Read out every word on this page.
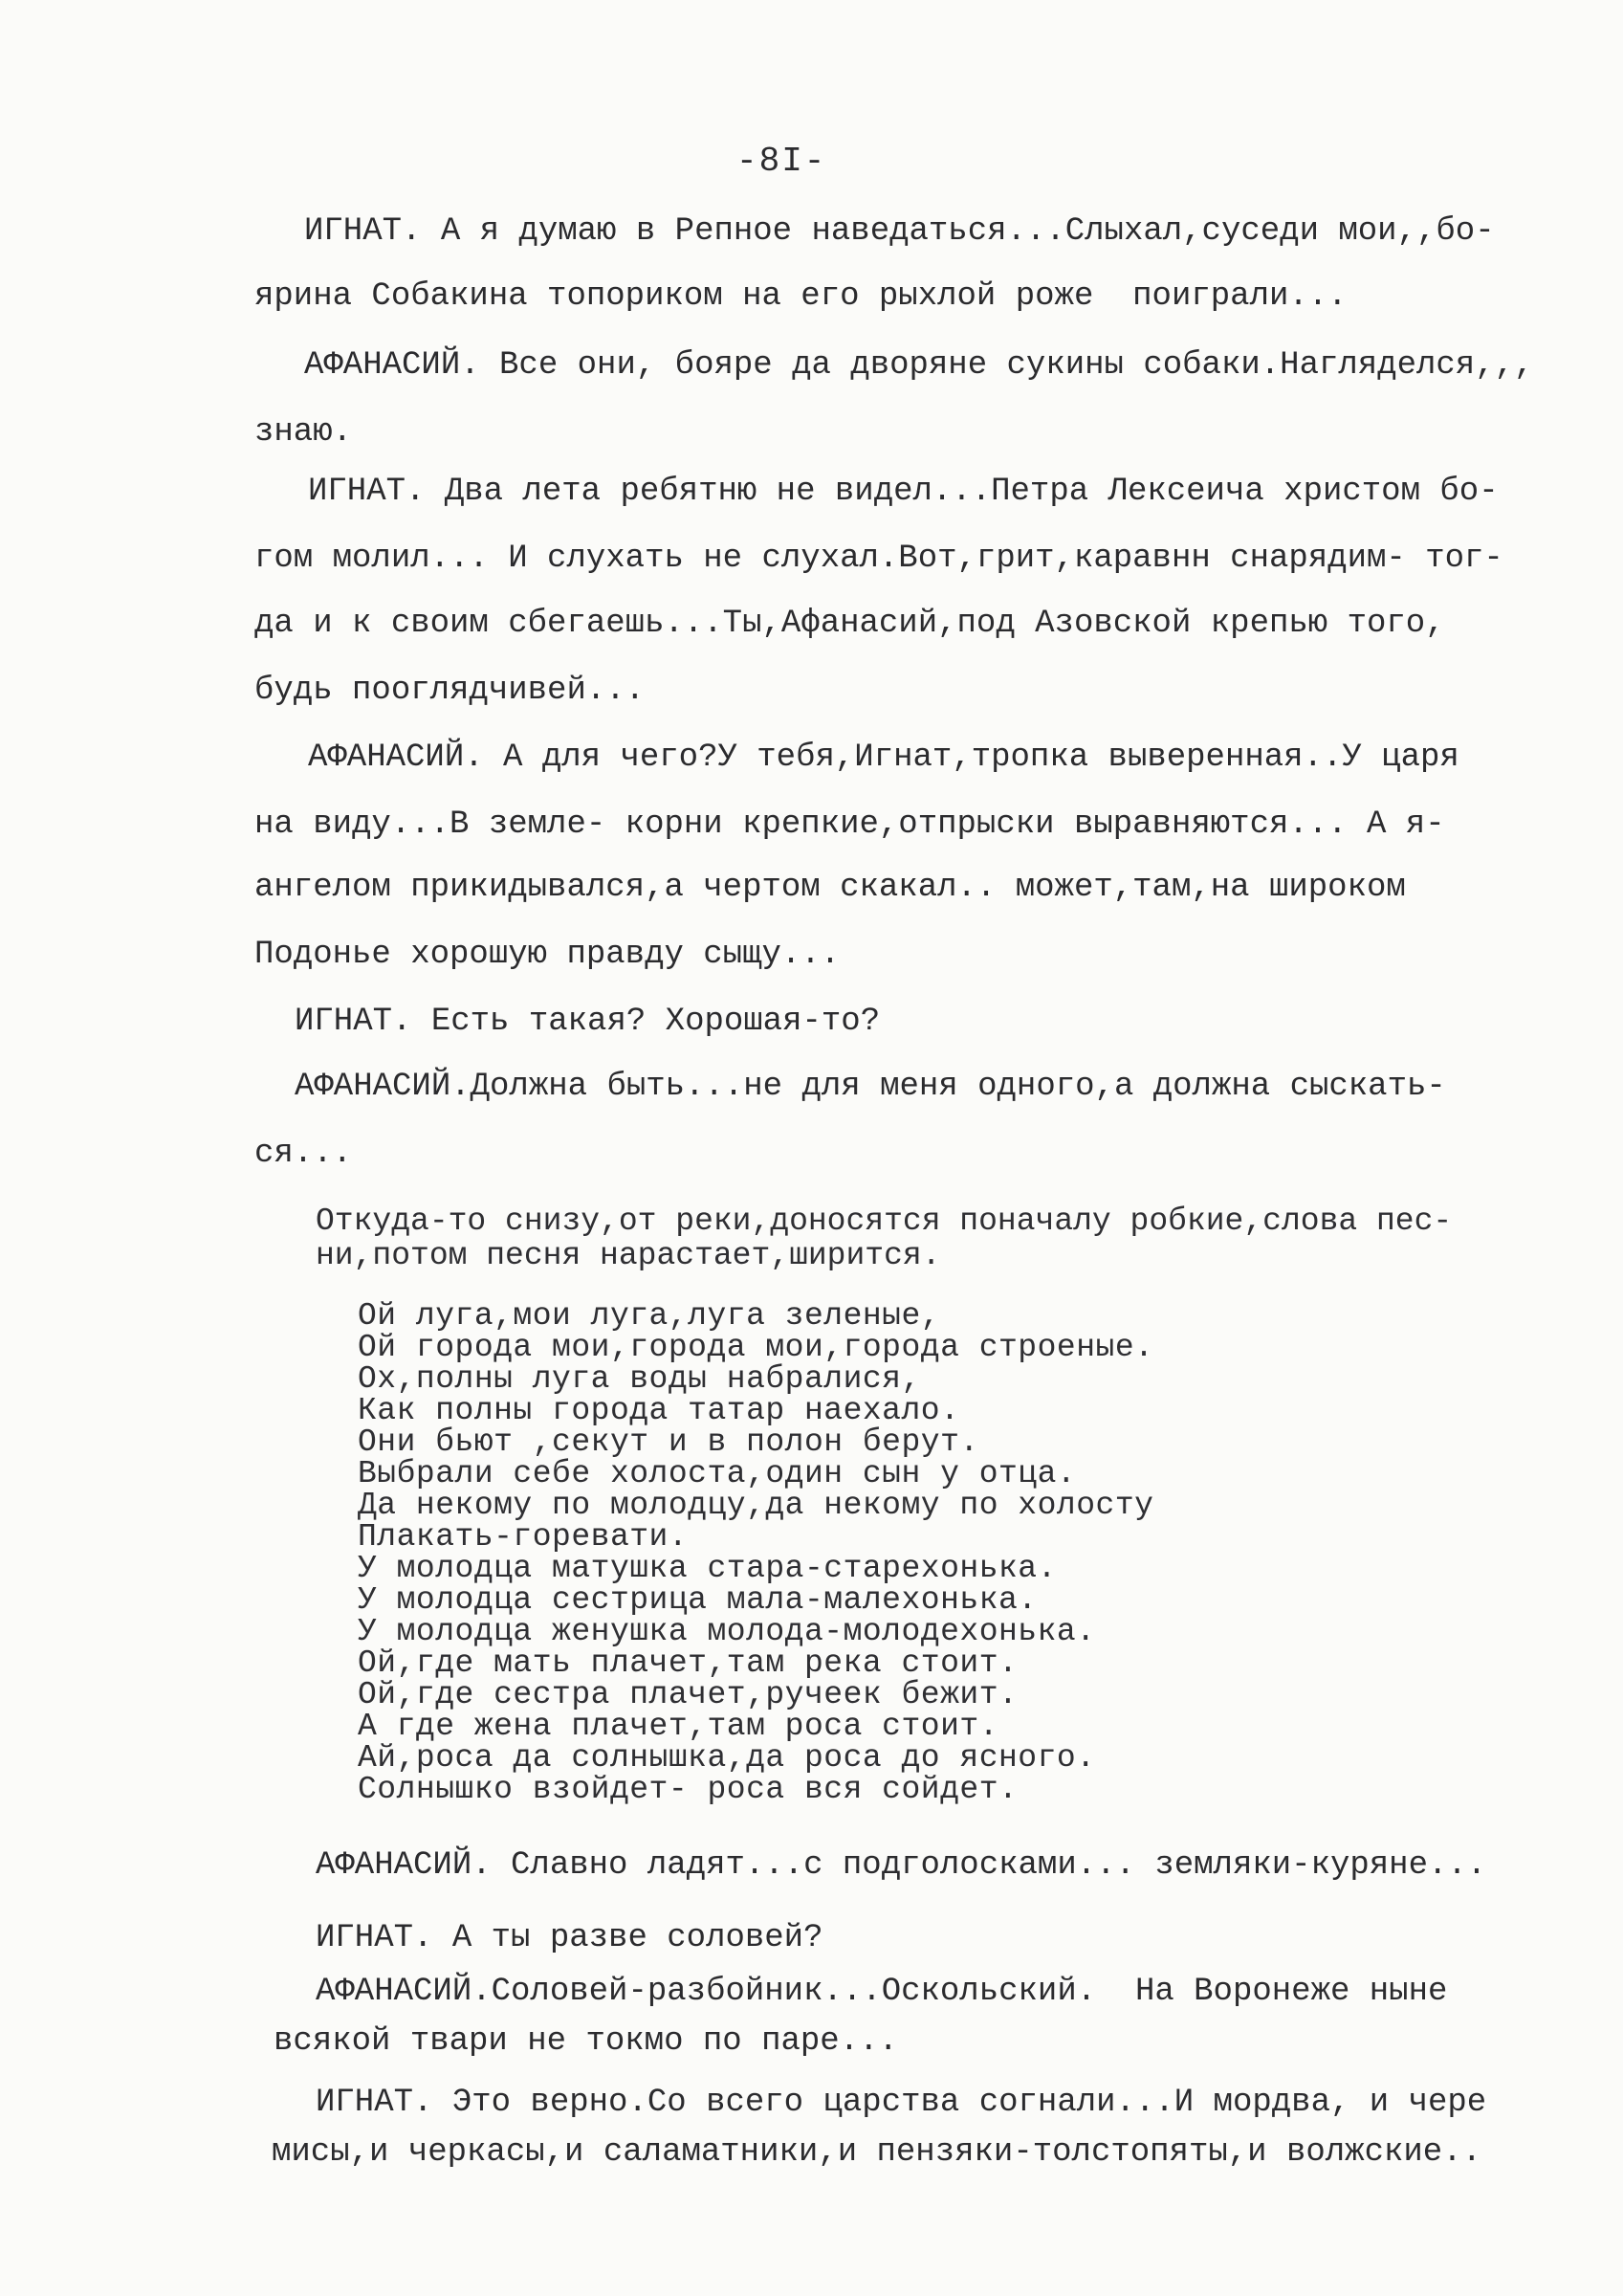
-8I-
ИГНАТ. А я думаю в Репное наведаться...Слыхал,суседи мои,,бо-
ярина Собакина топориком на его рыхлой роже  поиграли...
АФАНАСИЙ. Все они, бояре да дворяне сукины собаки.Нагляделся,,,
знаю.
ИГНАТ. Два лета ребятню не видел...Петра Лексеича христом бо-
гом молил... И слухать не слухал.Вот,грит,каравнн снарядим- тог-
да и к своим сбегаешь...Ты,Афанасий,под Азовской крепью того,
будь пооглядчивей...
АФАНАСИЙ. А для чего?У тебя,Игнат,тропка выверенная..У царя
на виду...В земле- корни крепкие,отпрыски выравняются... А я-
ангелом прикидывался,а чертом скакал.. может,там,на широком
Подонье хорошую правду сыщу...
ИГНАТ. Есть такая? Хорошая-то?
АФАНАСИЙ.Должна быть...не для меня одного,а должна сыскать-
ся...
Откуда-то снизу,от реки,доносятся поначалу робкие,слова пес-
ни,потом песня нарастает,ширится.
Ой луга,мои луга,луга зеленые,
Ой города мои,города мои,города строеные.
Ох,полны луга воды набралися,
Как полны города татар наехало.
Они бьют ,секут и в полон берут.
Выбрали себе холоста,один сын у отца.
Да некому по молодцу,да некому по холосту
Плакать-горевати.
У молодца матушка стара-старехонька.
У молодца сестрица мала-малехонька.
У молодца женушка молода-молодехонька.
Ой,где мать плачет,там река стоит.
Ой,где сестра плачет,ручеек бежит.
А где жена плачет,там роса стоит.
Ай,роса да солнышка,да роса до ясного.
Солнышко взойдет- роса вся сойдет.
АФАНАСИЙ. Славно ладят...с подголосками... земляки-куряне...
ИГНАТ. А ты разве соловей?
АФАНАСИЙ.Соловей-разбойник...Оскольский.  На Воронеже ныне
всякой твари не токмо по паре...
ИГНАТ. Это верно.Со всего царства согнали...И мордва, и чере
мисы,и черкасы,и саламатники,и пензяки-толстопяты,и волжские..
